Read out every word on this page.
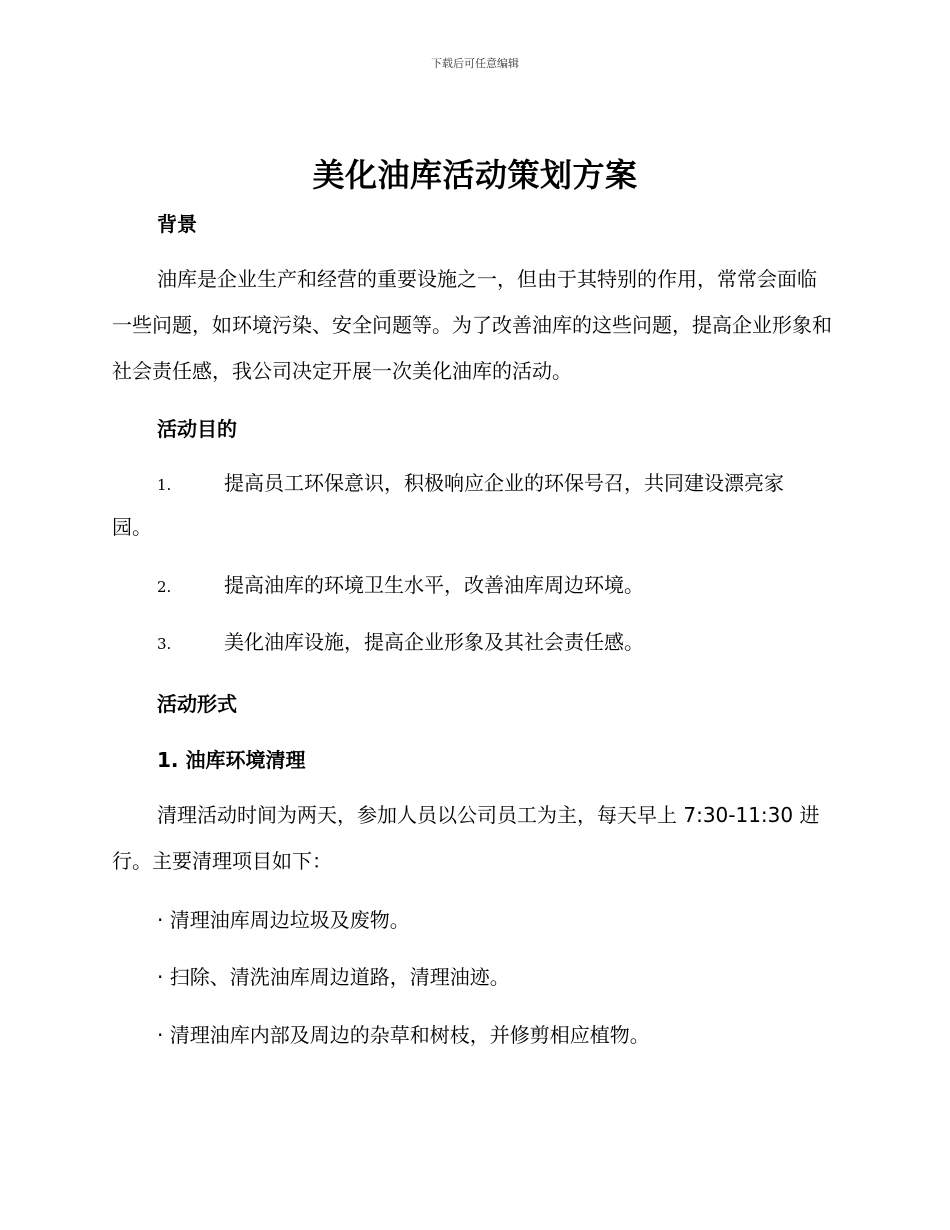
下载后可任意编辑
美化油库活动策划方案
背景

油库是企业生产和经营的重要设施之一，但由于其特别的作用，常常会面临一些问题，如环境污染、安全问题等。为了改善油库的这些问题，提高企业形象和社会责任感，我公司决定开展一次美化油库的活动。

活动目的
1.	提高员工环保意识，积极响应企业的环保号召，共同建设漂亮家
园。
2.	提高油库的环境卫生水平，改善油库周边环境。
3.	美化油库设施，提高企业形象及其社会责任感。
活动形式
1. 油库环境清理

清理活动时间为两天，参加人员以公司员工为主，每天早上 7:30-11:30 进行。主要清理项目如下：

· 清理油库周边垃圾及废物。
· 扫除、清洗油库周边道路，清理油迹。
· 清理油库内部及周边的杂草和树枝，并修剪相应植物。
